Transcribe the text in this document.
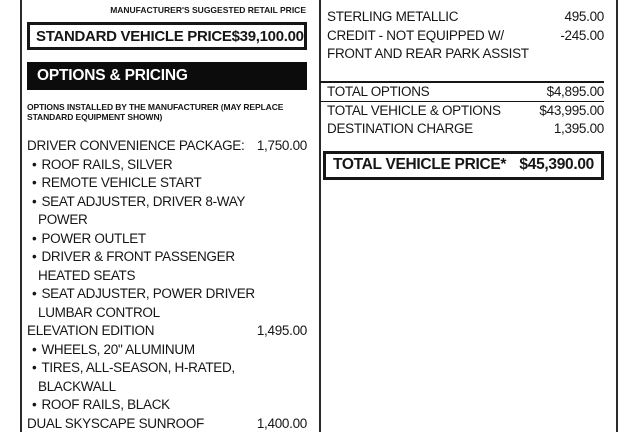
MANUFACTURER'S SUGGESTED RETAIL PRICE
STANDARD VEHICLE PRICE $39,100.00
OPTIONS & PRICING
OPTIONS INSTALLED BY THE MANUFACTURER (MAY REPLACE
STANDARD EQUIPMENT SHOWN)
DRIVER CONVENIENCE PACKAGE: 1,750.00
• ROOF RAILS, SILVER
• REMOTE VEHICLE START
• SEAT ADJUSTER, DRIVER 8-WAY
POWER
• POWER OUTLET
• DRIVER & FRONT PASSENGER
HEATED SEATS
• SEAT ADJUSTER, POWER DRIVER
LUMBAR CONTROL
ELEVATION EDITION	1,495.00
• WHEELS, 20" ALUMINUM
• TIRES, ALL-SEASON, H-RATED,
BLACKWALL
• ROOF RAILS, BLACK
DUAL SKYSCAPE SUNROOF	1,400.00
STERLING METALLIC	495.00
CREDIT - NOT EQUIPPED W/	-245.00
FRONT AND REAR PARK ASSIST
TOTAL OPTIONS	$4,895.00
TOTAL VEHICLE & OPTIONS	$43,995.00
DESTINATION CHARGE	1,395.00
TOTAL VEHICLE PRICE* $45,390.00
